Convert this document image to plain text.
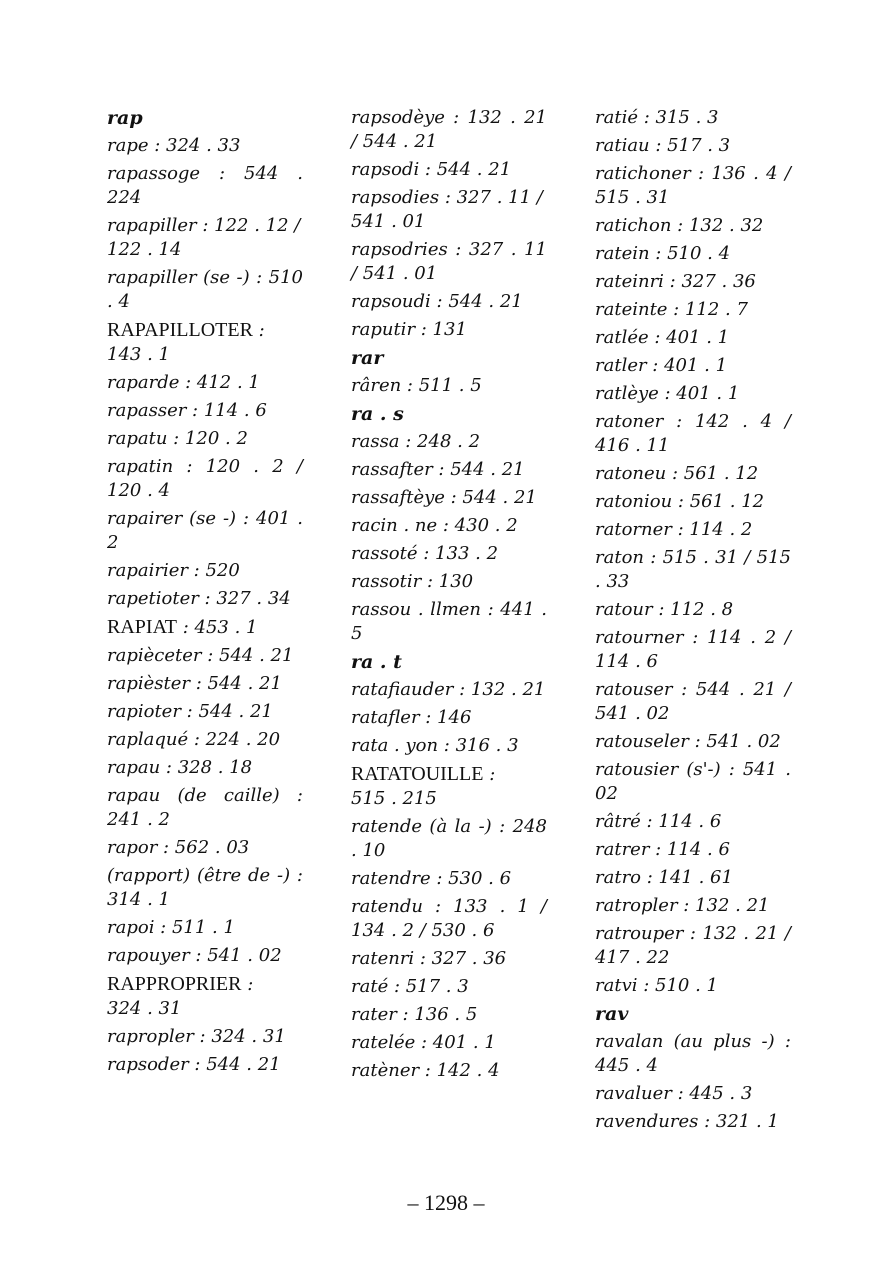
rap
rape : 324 . 33
rapassoge : 544 . 224
rapapiller : 122 . 12 /
122 . 14
rapapiller (se -) : 510 . 4
RAPAPILLOTER :
143 . 1
raparde : 412 . 1
rapasser : 114 . 6
rapatu : 120 . 2
rapatin : 120 . 2 / 120 . 4
rapairer (se -) : 401 . 2
rapairier : 520
rapetioter : 327 . 34
RAPIAT : 453 . 1
rapièceter : 544 . 21
rapièster : 544 . 21
rapioter : 544 . 21
raplaqué : 224 . 20
rapau : 328 . 18
rapau (de caille) : 241 . 2
rapor : 562 . 03
(rapport) (être de -) : 314 . 1
rapoi : 511 . 1
rapouyer : 541 . 02
RAPPROPRIER :
324 . 31
rapropler : 324 . 31
rapsoder : 544 . 21
rapsodèye : 132 . 21 / 544 . 21
rapsodi : 544 . 21
rapsodies : 327 . 11 /
541 . 01
rapsodries : 327 . 11 / 541 . 01
rapsoudi : 544 . 21
raputir : 131
rar
râren : 511 . 5
ra . s
rassa : 248 . 2
rassafter : 544 . 21
rassaftèye : 544 . 21
racin . ne : 430 . 2
rassoté : 133 . 2
rassotir : 130
rassou . llmen : 441 . 5
ra . t
ratafiauder : 132 . 21
ratafler : 146
rata . yon : 316 . 3
RATATOUILLE :
515 . 215
ratende (à la -) : 248 . 10
ratendre : 530 . 6
ratendu : 133 . 1 / 134 . 2 / 530 . 6
ratenri : 327 . 36
raté : 517 . 3
rater : 136 . 5
ratelée : 401 . 1
ratèner : 142 . 4
ratié : 315 . 3
ratiau : 517 . 3
ratichoner : 136 . 4 / 515 . 31
ratichon : 132 . 32
ratein : 510 . 4
rateinri : 327 . 36
rateinte : 112 . 7
ratlée : 401 . 1
ratler : 401 . 1
ratlèye : 401 . 1
ratoner : 142 . 4 / 416 . 11
ratoneu : 561 . 12
ratoniou : 561 . 12
ratorner : 114 . 2
raton : 515 . 31 / 515 . 33
ratour : 112 . 8
ratourner : 114 . 2 / 114 . 6
ratouser : 544 . 21 / 541 . 02
ratouseler : 541 . 02
ratousier (s'-) : 541 . 02
râtré : 114 . 6
ratrer : 114 . 6
ratro : 141 . 61
ratropler : 132 . 21
ratrouper : 132 . 21 / 417 . 22
ratvi : 510 . 1
rav
ravalan (au plus -) : 445 . 4
ravaluer : 445 . 3
ravendures : 321 . 1
– 1298 –
